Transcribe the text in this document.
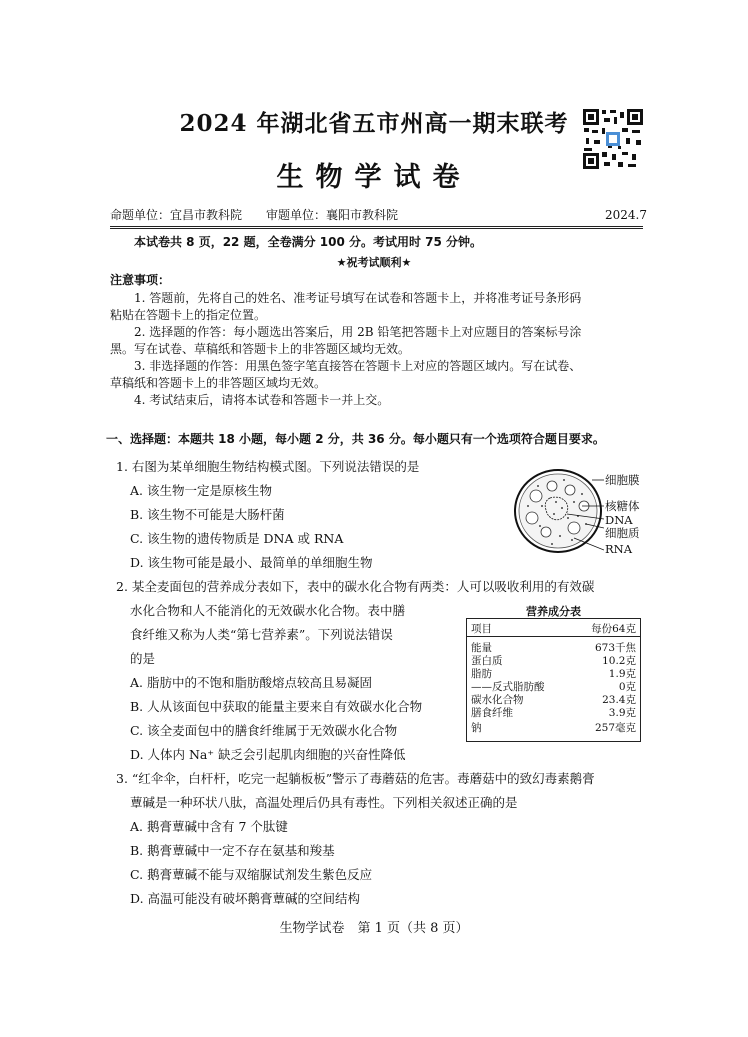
2024 年湖北省五市州高一期末联考
生物学试卷
命题单位：宜昌市教科院　　审题单位：襄阳市教科院	2024.7
本试卷共 8 页，22 题，全卷满分 100 分。考试用时 75 分钟。
★祝考试顺利★
注意事项：
1. 答题前，先将自己的姓名、准考证号填写在试卷和答题卡上，并将准考证号条形码
粘贴在答题卡上的指定位置。
2. 选择题的作答：每小题选出答案后，用 2B 铅笔把答题卡上对应题目的答案标号涂
黑。写在试卷、草稿纸和答题卡上的非答题区域均无效。
3. 非选择题的作答：用黑色签字笔直接答在答题卡上对应的答题区域内。写在试卷、
草稿纸和答题卡上的非答题区域均无效。
4. 考试结束后，请将本试卷和答题卡一并上交。
一、选择题：本题共 18 小题，每小题 2 分，共 36 分。每小题只有一个选项符合题目要求。
1. 右图为某单细胞生物结构模式图。下列说法错误的是
A. 该生物一定是原核生物
B. 该生物不可能是大肠杆菌
C. 该生物的遗传物质是 DNA 或 RNA
D. 该生物可能是最小、最简单的单细胞生物
细胞膜
核糖体
DNA
细胞质
RNA
2. 某全麦面包的营养成分表如下，表中的碳水化合物有两类：人可以吸收利用的有效碳
水化合物和人不能消化的无效碳水化合物。表中膳
食纤维又称为人类“第七营养素”。下列说法错误
的是
A. 脂肪中的不饱和脂肪酸熔点较高且易凝固
B. 人从该面包中获取的能量主要来自有效碳水化合物
C. 该全麦面包中的膳食纤维属于无效碳水化合物
D. 人体内 Na⁺ 缺乏会引起肌肉细胞的兴奋性降低
营养成分表
项目	每份64克
能量	673千焦
蛋白质	10.2克
脂肪	1.9克
——反式脂肪酸	0克
碳水化合物	23.4克
膳食纤维	3.9克
钠	257毫克
3. “红伞伞，白杆杆，吃完一起躺板板”警示了毒蘑菇的危害。毒蘑菇中的致幻毒素鹅膏
蕈碱是一种环状八肽，高温处理后仍具有毒性。下列相关叙述正确的是
A. 鹅膏蕈碱中含有 7 个肽键
B. 鹅膏蕈碱中一定不存在氨基和羧基
C. 鹅膏蕈碱不能与双缩脲试剂发生紫色反应
D. 高温可能没有破坏鹅膏蕈碱的空间结构
生物学试卷　第 1 页（共 8 页）
